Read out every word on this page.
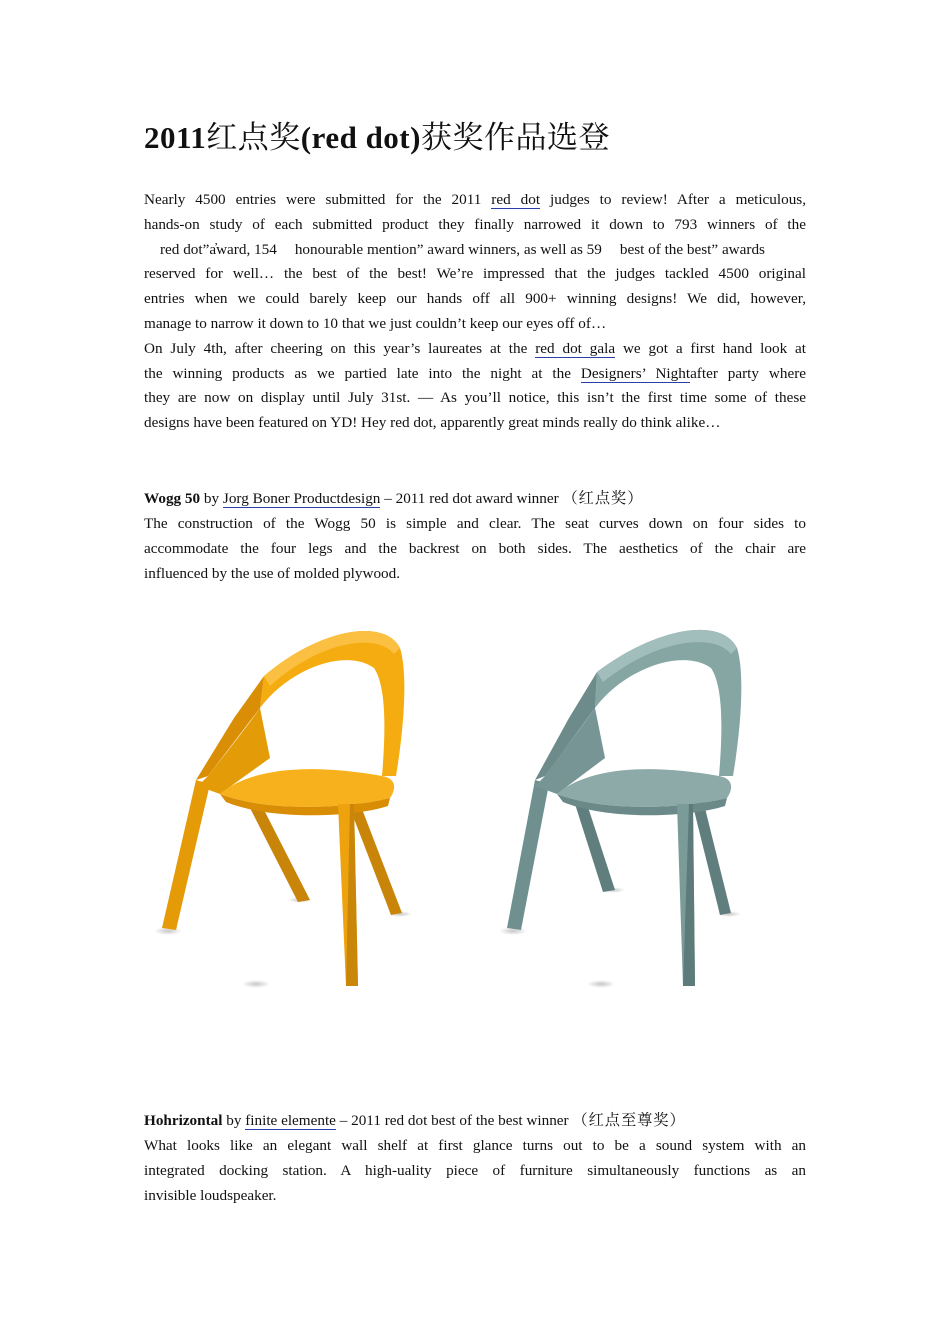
2011红点奖(red dot)获奖作品选登
Nearly 4500 entries were submitted for the 2011 red dot judges to review! After a meticulous,
hands-on study of each submitted product they finally narrowed it down to 793 winners of the
red dot”a̓ward, 154 honourable mention” award winners, as well as 59 best of the best” awards
reserved for well… the best of the best! We’re impressed that the judges tackled 4500 original
entries when we could barely keep our hands off all 900+ winning designs! We did, however,
manage to narrow it down to 10 that we just couldn’t keep our eyes off of…
On July 4th, after cheering on this year’s laureates at the red dot gala we got a first hand look at
the winning products as we partied late into the night at the Designers’ Nightafter party where
they are now on display until July 31st. — As you’ll notice, this isn’t the first time some of these
designs have been featured on YD! Hey red dot, apparently great minds really do think alike…

Wogg 50 by Jorg Boner Productdesign – 2011 red dot award winner （红点奖）

The construction of the Wogg 50 is simple and clear. The seat curves down on four sides to
accommodate the four legs and the backrest on both sides. The aesthetics of the chair are
influenced by the use of molded plywood.

Hohrizontal by finite elemente – 2011 red dot best of the best winner （红点至尊奖）

What looks like an elegant wall shelf at first glance turns out to be a sound system with an
integrated docking station. A high-uality piece of furniture simultaneously functions as an
invisible loudspeaker.
